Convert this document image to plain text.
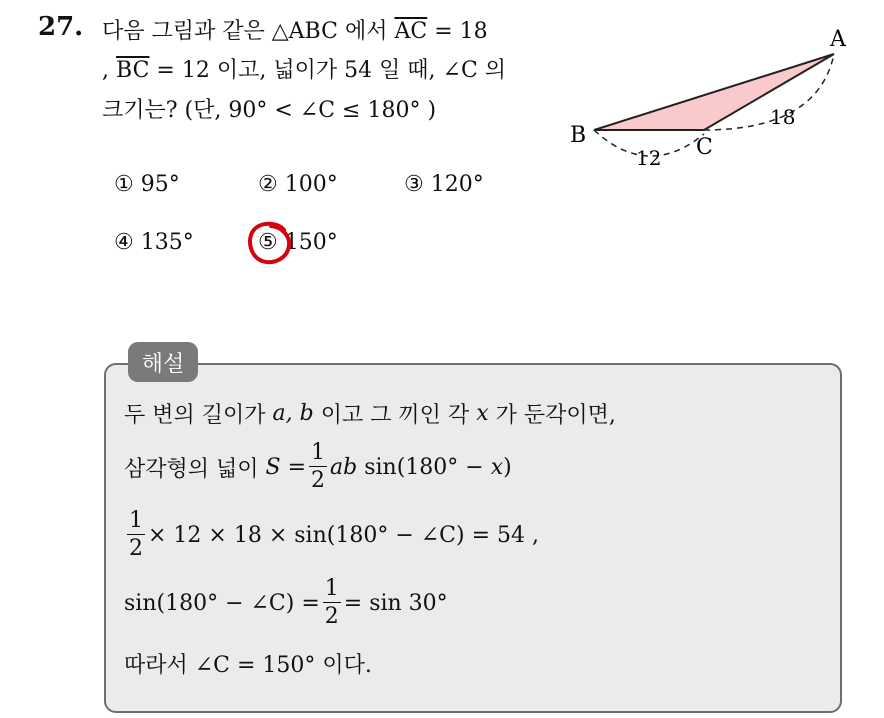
27. 다음 그림과 같은 △ABC 에서 $\overline{AC} = 18$
, $\overline{BC} = 12$ 이고, 넓이가 54 일 때, ∠C 의
크기는? (단, 90° < ∠C ≤ 180° )
A
B	C
18
12
① 95°	② 100°	③ 120°
④ 135°	⑤ 150°
해설
두 변의 길이가
a, b
이고 그 끼인 각
x
가 둔각이면,
삼각형의 넓이
S
= $\frac{1}{2}$ ab
sin(180° −
x )
$\frac{1}{2} \times 12 \times 18 \times \sin(180^\circ$ − ∠C) = 54 ,
sin(180° − ∠C) = $\frac{1}{2} = \sin 30^\circ$
따라서 ∠C = 150° 이다.
